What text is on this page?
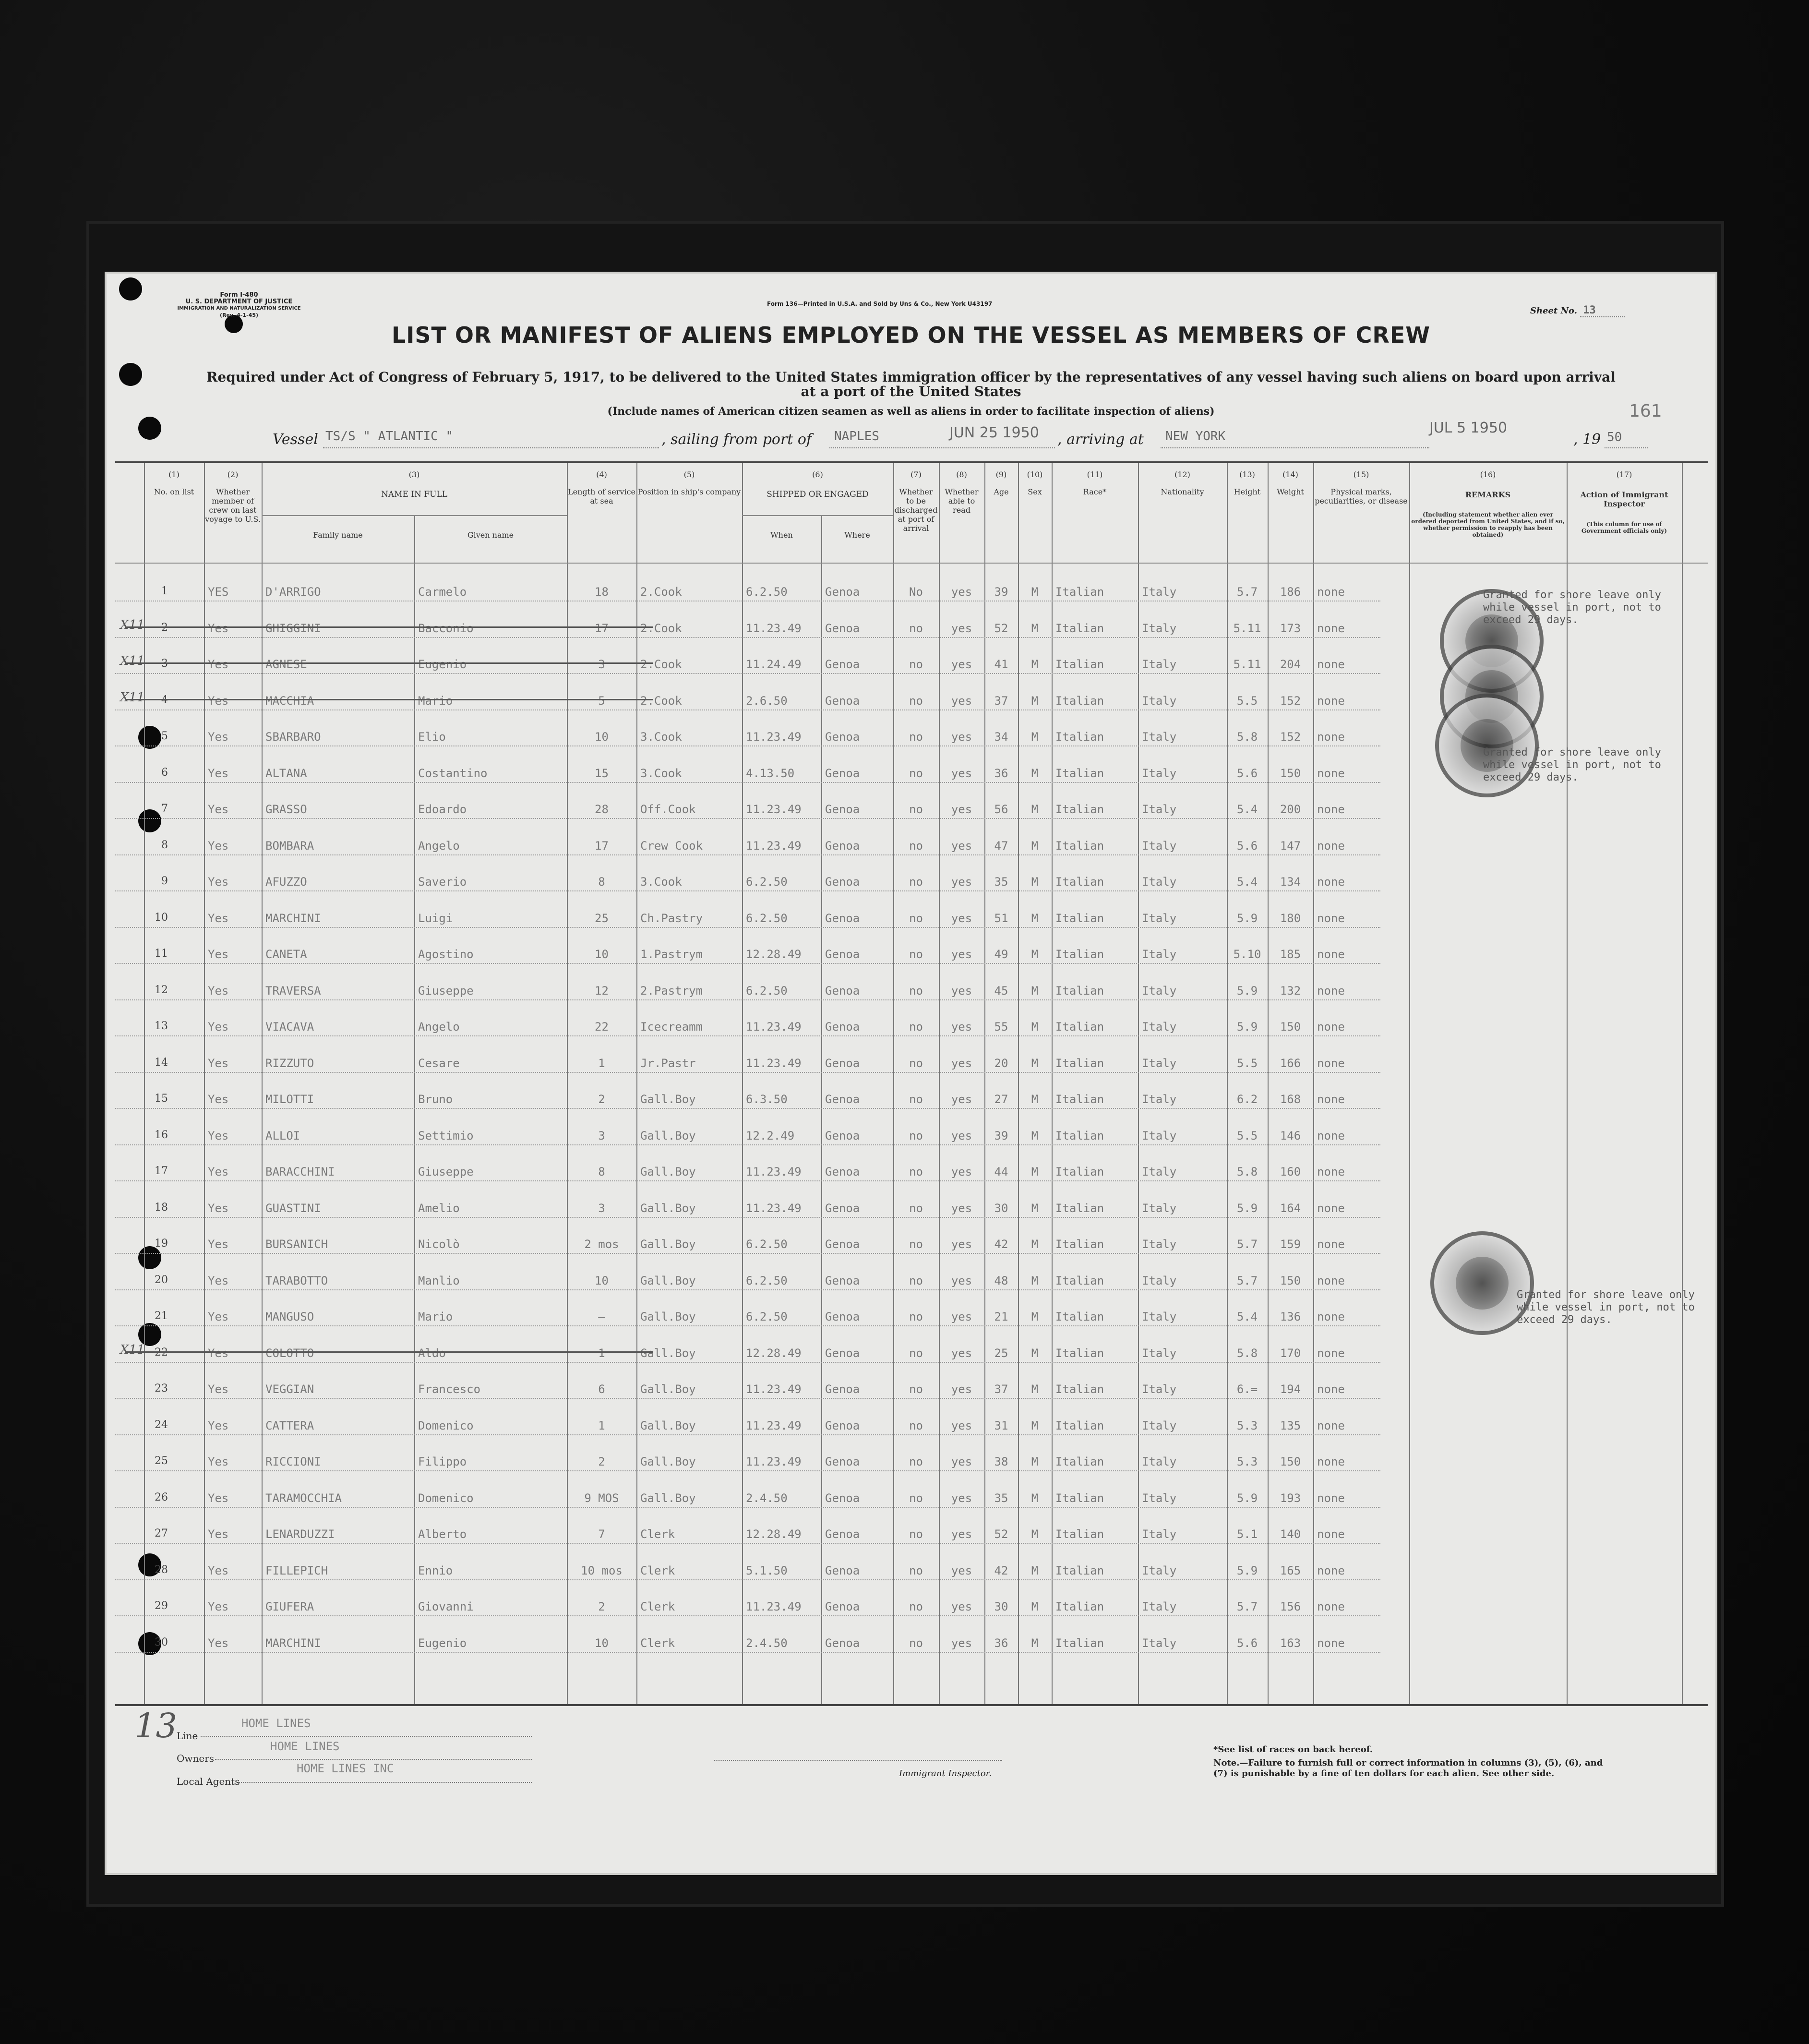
Form I-480
U. S. DEPARTMENT OF JUSTICE
IMMIGRATION AND NATURALIZATION SERVICE
(Rev. 4-1-45)
Form 136—Printed in U.S.A. and Sold by Uns & Co., New York U43197
Sheet No. 13
LIST OR MANIFEST OF ALIENS EMPLOYED ON THE VESSEL AS MEMBERS OF CREW
Required under Act of Congress of February 5, 1917, to be delivered to the United States immigration officer by the representatives of any vessel having such aliens on board upon arrival at a port of the United States
(Include names of American citizen seamen as well as aliens in order to facilitate inspection of aliens)
Vessel TS/S " ATLANTIC "	, sailing from port of NAPLES	JUN 25 1950 , arriving at NEW YORK	JUL 5 1950
, 19 50
161
(1)
No. on list
(2)
Whether member of crew on last voyage to U.S.
(3)
NAME IN FULL
(4)
Length of service at sea
(5)
Position in ship's company
(6)
SHIPPED OR ENGAGED
(7)
Whether to be discharged at port of arrival
(8)
Whether able to read
(9)
Age
(10)
Sex
(11)
Race*
(12)
Nationality
(13)
Height
(14)
Weight
(15)
Physical marks, peculiarities, or disease
(16)
REMARKS
(17)
Action of Immigrant Inspector
Family name	Given name	When	Where
(Including statement whether alien ever ordered deported from United States, and if so, whether permission to reapply has been obtained)
(This column for use of Government officials only)
1	YES	D'ARRIGO	Carmelo	18	2.Cook	6.2.50	Genoa	No	yes	39	M	Italian	Italy	5.7	186	none
2	Yes	GHIGGINI	Bacconio	17	2.Cook	11.23.49	Genoa	no	yes	52	M	Italian	Italy	5.11	173	none
3	Yes	AGNESE	Eugenio	3	2.Cook	11.24.49	Genoa	no	yes	41	M	Italian	Italy	5.11	204	none
4	Yes	MACCHIA	Mario	5	2.Cook	2.6.50	Genoa	no	yes	37	M	Italian	Italy	5.5	152	none
5	Yes	SBARBARO	Elio	10	3.Cook	11.23.49	Genoa	no	yes	34	M	Italian	Italy	5.8	152	none
6	Yes	ALTANA	Costantino	15	3.Cook	4.13.50	Genoa	no	yes	36	M	Italian	Italy	5.6	150	none
7	Yes	GRASSO	Edoardo	28	Off.Cook	11.23.49	Genoa	no	yes	56	M	Italian	Italy	5.4	200	none
8	Yes	BOMBARA	Angelo	17	Crew Cook	11.23.49	Genoa	no	yes	47	M	Italian	Italy	5.6	147	none
9	Yes	AFUZZO	Saverio	8	3.Cook	6.2.50	Genoa	no	yes	35	M	Italian	Italy	5.4	134	none
10	Yes	MARCHINI	Luigi	25	Ch.Pastry	6.2.50	Genoa	no	yes	51	M	Italian	Italy	5.9	180	none
11	Yes	CANETA	Agostino	10	1.Pastrym	12.28.49	Genoa	no	yes	49	M	Italian	Italy	5.10	185	none
12	Yes	TRAVERSA	Giuseppe	12	2.Pastrym	6.2.50	Genoa	no	yes	45	M	Italian	Italy	5.9	132	none
13	Yes	VIACAVA	Angelo	22	Icecreamm	11.23.49	Genoa	no	yes	55	M	Italian	Italy	5.9	150	none
14	Yes	RIZZUTO	Cesare	1	Jr.Pastr	11.23.49	Genoa	no	yes	20	M	Italian	Italy	5.5	166	none
15	Yes	MILOTTI	Bruno	2	Gall.Boy	6.3.50	Genoa	no	yes	27	M	Italian	Italy	6.2	168	none
16	Yes	ALLOI	Settimio	3	Gall.Boy	12.2.49	Genoa	no	yes	39	M	Italian	Italy	5.5	146	none
17	Yes	BARACCHINI	Giuseppe	8	Gall.Boy	11.23.49	Genoa	no	yes	44	M	Italian	Italy	5.8	160	none
18	Yes	GUASTINI	Amelio	3	Gall.Boy	11.23.49	Genoa	no	yes	30	M	Italian	Italy	5.9	164	none
19	Yes	BURSANICH	Nicolò	2 mos	Gall.Boy	6.2.50	Genoa	no	yes	42	M	Italian	Italy	5.7	159	none
20	Yes	TARABOTTO	Manlio	10	Gall.Boy	6.2.50	Genoa	no	yes	48	M	Italian	Italy	5.7	150	none
21	Yes	MANGUSO	Mario	—	Gall.Boy	6.2.50	Genoa	no	yes	21	M	Italian	Italy	5.4	136	none
22	Yes	COLOTTO	Aldo	1	Gall.Boy	12.28.49	Genoa	no	yes	25	M	Italian	Italy	5.8	170	none
23	Yes	VEGGIAN	Francesco	6	Gall.Boy	11.23.49	Genoa	no	yes	37	M	Italian	Italy	6.=	194	none
24	Yes	CATTERA	Domenico	1	Gall.Boy	11.23.49	Genoa	no	yes	31	M	Italian	Italy	5.3	135	none
25	Yes	RICCIONI	Filippo	2	Gall.Boy	11.23.49	Genoa	no	yes	38	M	Italian	Italy	5.3	150	none
26	Yes	TARAMOCCHIA	Domenico	9 MOS	Gall.Boy	2.4.50	Genoa	no	yes	35	M	Italian	Italy	5.9	193	none
27	Yes	LENARDUZZI	Alberto	7	Clerk	12.28.49	Genoa	no	yes	52	M	Italian	Italy	5.1	140	none
28	Yes	FILLEPICH	Ennio	10 mos	Clerk	5.1.50	Genoa	no	yes	42	M	Italian	Italy	5.9	165	none
29	Yes	GIUFERA	Giovanni	2	Clerk	11.23.49	Genoa	no	yes	30	M	Italian	Italy	5.7	156	none
30	Yes	MARCHINI	Eugenio	10	Clerk	2.4.50	Genoa	no	yes	36	M	Italian	Italy	5.6	163	none
X11
X11
X11
X11
Granted for shore leave only
while vessel in port, not to
exceed 29 days.
Granted for shore leave only
while vessel in port, not to
exceed 29 days.
Granted for shore leave only
while vessel in port, not to
exceed 29 days.
13
Line
HOME LINES
Owners
HOME LINES
Local Agents
HOME LINES INC	Immigrant Inspector.
*See list of races on back hereof.
Note.—Failure to furnish full or correct information in columns (3), (5), (6), and (7) is punishable by a fine of ten dollars for each alien. See other side.
